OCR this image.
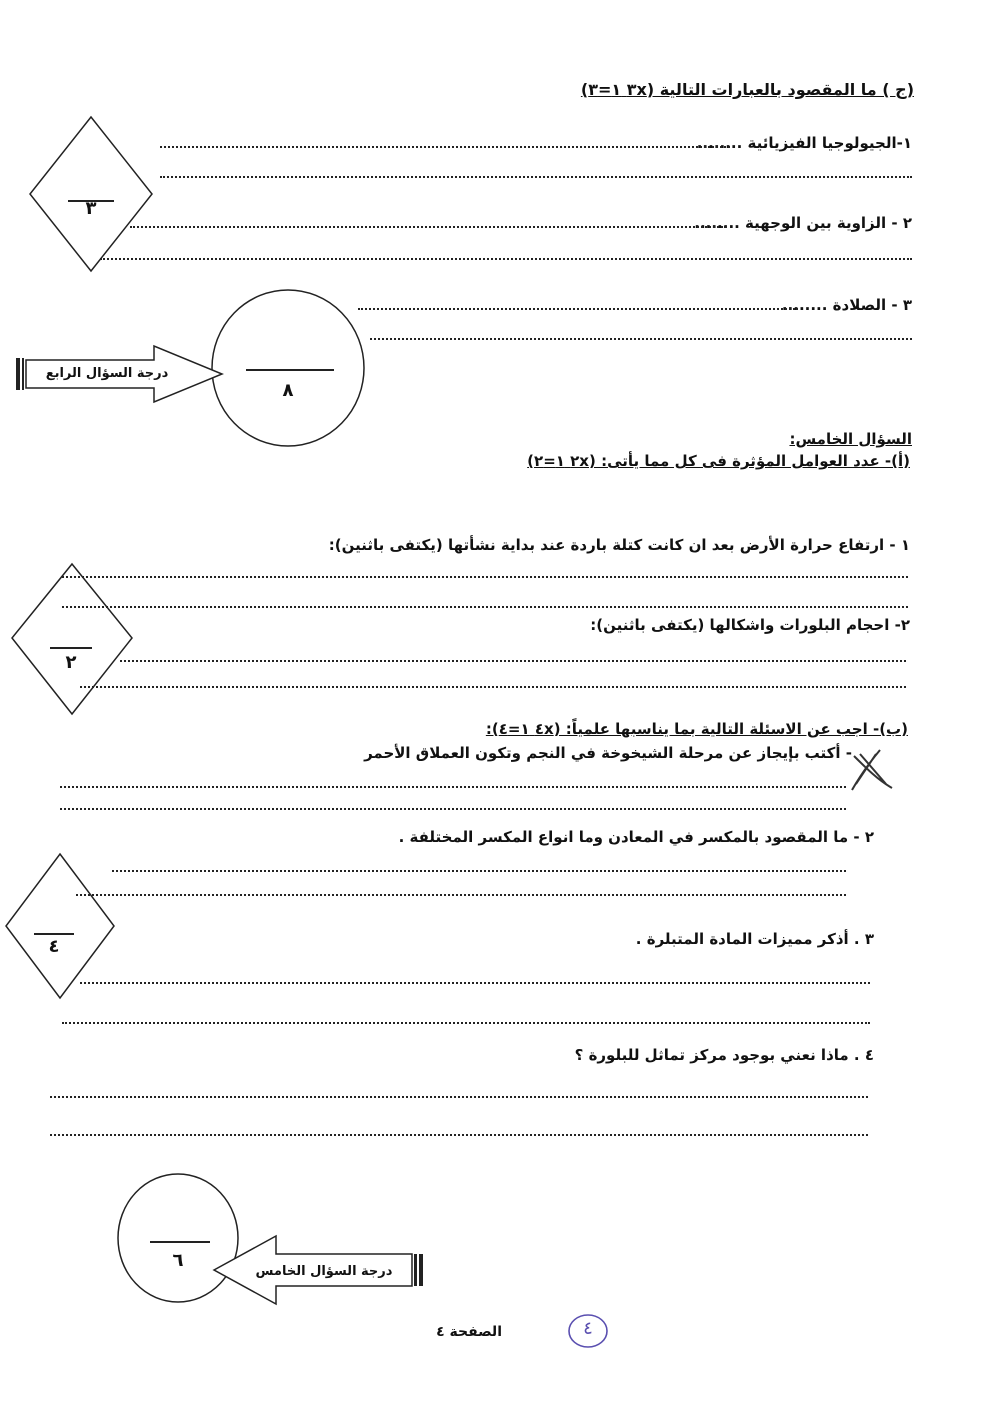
(ج ) ما المقصود بالعبارات التالية (٣x ١=٣)
١-الجيولوجيا الفيزيائية ........
٢ - الزاوية بين الوجهية ........
٣ - الصلادة ........
٣
٨
درجة السؤال الرابع
السؤال الخامس:
(أ)- عدد العوامل المؤثرة فى كل مما يأتى: (٢x ١=٢)
١ - ارتفاع حرارة الأرض بعد ان كانت كتلة باردة عند بداية نشأتها (يكتفى باثنين):
٢- احجام البلورات واشكالها (يكتفى باثنين):
٢
(ب)- اجب عن الاسئلة التالية بما يناسبها علمياً: (٤x ١=٤):
- أكتب بإيجاز عن مرحلة الشيخوخة في النجم وتكون العملاق الأحمر
٢ - ما المقصود بالمكسر في المعادن وما انواع المكسر المختلفة .
٣ . أذكر مميزات المادة المتبلرة .
٤ . ماذا نعني بوجود مركز تماثل للبلورة ؟
٤
٦
درجة السؤال الخامس
الصفحة ٤	٤
